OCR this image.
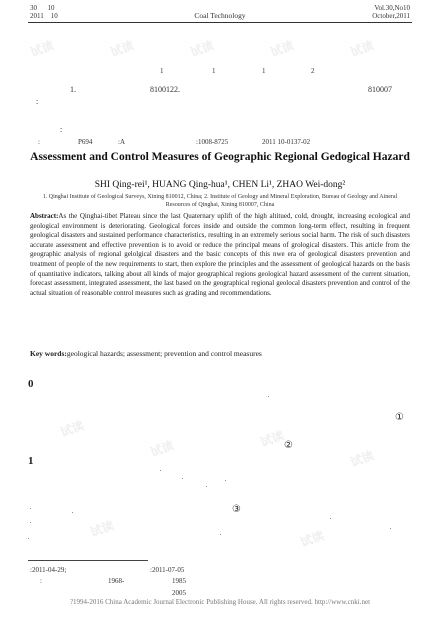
试读	试读	试读	试读	试读
试读
试读	试读
试读
试读	试读
30 10
2011 10	Coal Technology
Vol.30,No10
October,2011
1	1	1	2
1.	8100122.	810007
:
:
:	P694	:A	:1008-8725	2011 10-0137-02
Assessment and Control Measures of Geographic Regional Gedogical Hazard
SHI Qing-rei¹, HUANG Qing-hua¹, CHEN Li¹, ZHAO Wei-dong²
1. Qinghai Institute of Geological Surveys, Xining 810012, China; 2. Institute of Geology and Mineral Exploration, Bureau of Geology and Aineral Resources of Qinghai, Xining 810007, China
Abstract:As the Qinghai-tibet Plateau since the last Quaternary uplift of the high altitued, cold, drought, increasing ecological and geological environment is deteriorating. Geological forces inside and outside the common long-term effect, resulting in frequent geological disasters and sustained performance characteristics, resulting in an extremely serious social harm. The risk of such disasters accurate assessment and effective prevention is to avoid or reduce the principal means of grological disasters. This article from the geographic analysis of regional gelolgical disasters and the basic concepts of this nwe era of geological disasters prevention and treatment of people of the new requirements to start, then explore the principles and the assessment of geological hazards on the basis of quantitative indicators, talking about all kinds of major geographical regions geological hazard assessment of the current situation, forecast assessment, integrated assessment, the last based on the geographical regional geolocal disasters prevention and control of the actual situation of reasonable control measures such as grading and recommendations.
Key words:geological hazards; assessment; prevention and control measures
0
1
①
②
③
:2011-04-29;	:2011-07-05
:	1968-	1985
2005
?1994-2016 China Academic Journal Electronic Publishing House. All rights reserved. http://www.cnki.net
